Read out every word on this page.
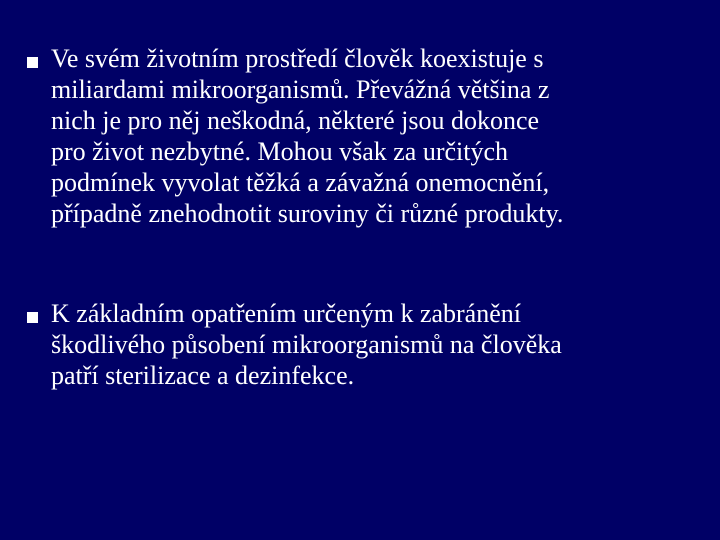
Ve svém životním prostředí člověk koexistuje s
miliardami mikroorganismů. Převážná většina z
nich je pro něj neškodná, některé jsou dokonce
pro život nezbytné. Mohou však za určitých
podmínek vyvolat těžká a závažná onemocnění,
případně znehodnotit suroviny či různé produkty.

K základním opatřením určeným k zabránění
škodlivého působení mikroorganismů na člověka
patří sterilizace a dezinfekce.
